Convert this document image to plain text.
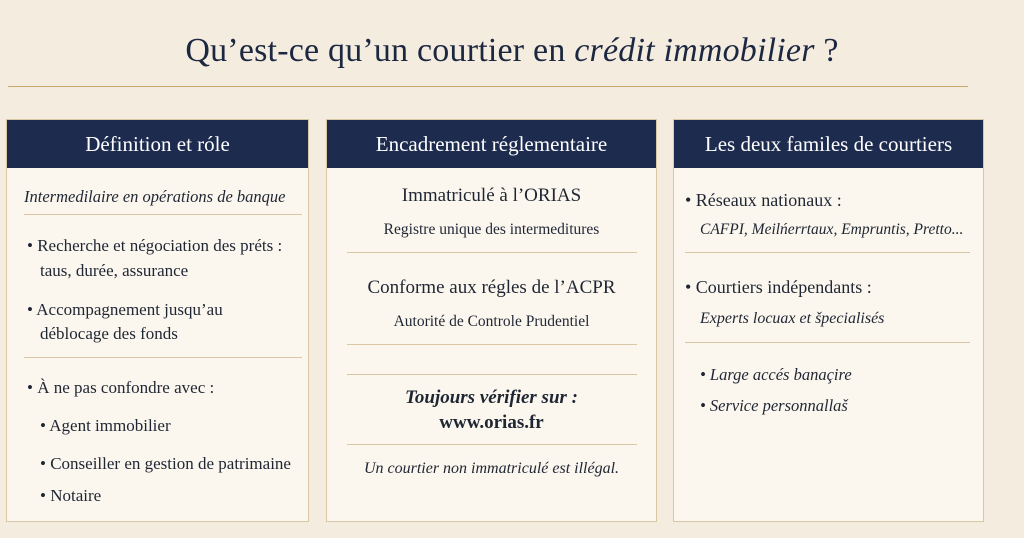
Qu’est-ce qu’un courtier en crédit immobilier ?
Définition et róle
Intermedilaire en opérations de banque
• Recherche et négociation des préts :
taus, durée, assurance
• Accompagnement jusqu’au
déblocage des fonds
• À ne pas confondre avec :
• Agent immobilier
• Conseiller en gestion de patrimaine
• Notaire
Encadrement réglementaire
Immatriculé à l’ORIAS
Registre unique des intermeditures
Conforme aux régles de l’ACPR
Autorité de Controle Prudentiel
Toujours vérifier sur :
www.orias.fr
Un courtier non immatriculé est illégal.
Les deux familes de courtiers
• Réseaux nationaux :
CAFPI, Meilńerrtaux, Empruntis, Pretto...
• Courtiers indépendants :
Experts locuax et špecialisés
• Large accés banaçire
• Service personnallaš
